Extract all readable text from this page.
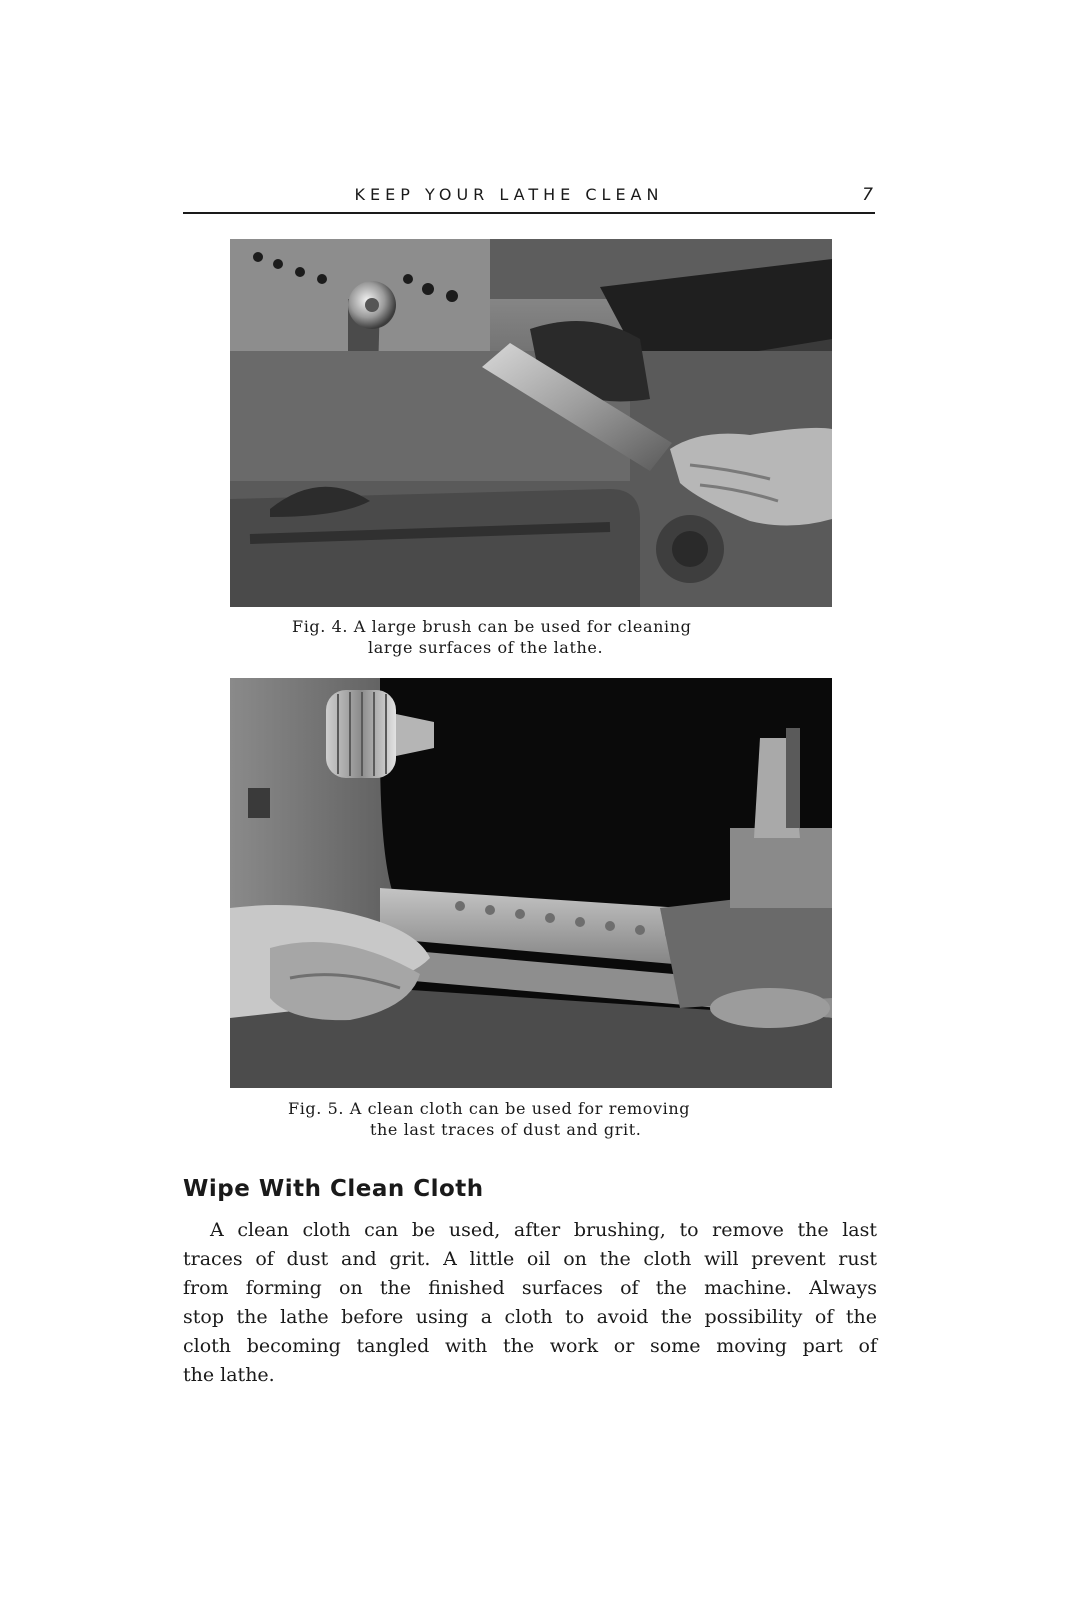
KEEP YOUR LATHE CLEAN	7
Fig. 4. A large brush can be used for cleaning
large surfaces of the lathe.
Fig. 5. A clean cloth can be used for removing
the last traces of dust and grit.
Wipe With Clean Cloth
A clean cloth can be used, after brushing, to remove the last
traces of dust and grit. A little oil on the cloth will prevent rust
from forming on the finished surfaces of the machine. Always
stop the lathe before using a cloth to avoid the possibility of the
cloth becoming tangled with the work or some moving part of
the lathe.
